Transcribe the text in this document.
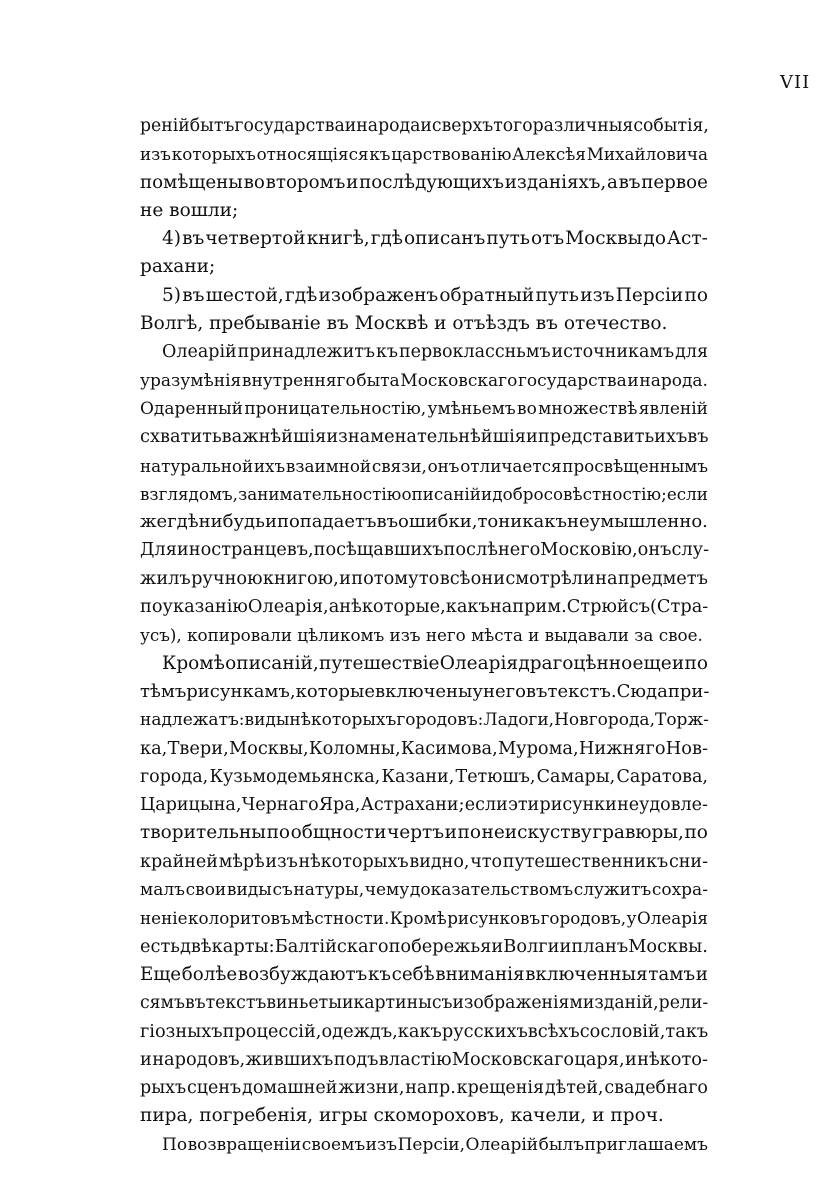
VII
реній бытъ государства и народа и сверхъ того различныя событія,
изъ которыхъ относящіяся къ царствованію Алексѣя Михайловича
помѣщены во второмъ и послѣдующихъ изданіяхъ, а въ первое
не вошли;
4) въ четвертой книгѣ, гдѣ описанъ путь отъ Москвы до Аст-
рахани;
5) въ шестой, гдѣ изображенъ обратный путь изъ Персіи по
Волгѣ, пребываніе въ Москвѣ и отъѣздъ въ отечество.
Олеарій принадлежитъ къ первоклассньмъ источникамъ для
уразумѣнія внутренняго быта Московскаго государства и народа.
Одаренный проницательностію, умѣньемъ во множествѣ явленій
схватить важнѣйшія и знаменательнѣйшія и представить ихъ въ
натуральной ихъ взаимной связи, онъ отличается просвѣщеннымъ
взглядомъ, занимательностію описаній и добросовѣстностію; если
же гдѣ нибудь и попадаетъ въ ошибки, то никакъ неумышленно.
Для иностранцевъ, посѣщавшихъ послѣ него Московію, онъ слу-
жилъ ручною книгою, и потому то всѣ они смотрѣли на предметъ
по указанію Олеарія, а нѣкоторые, какъ наприм. Стрюйсъ (Стра-
усъ), копировали цѣликомъ изъ него мѣста и выдавали за свое.
Кромѣ описаній, путешествіе Олеарія драгоцѣнно еще и по
тѣмъ рисункамъ, которые включены у него въ текстъ. Сюда при-
надлежатъ: виды нѣкоторыхъ городовъ: Ладоги, Новгорода, Торж-
ка, Твери, Москвы, Коломны, Касимова, Мурома, Нижняго Нов-
города, Кузьмодемьянска, Казани, Тетюшъ, Самары, Саратова,
Царицына, Чернаго Яра, Астрахани; если эти рисунки неудовле-
творительны по общности чертъ и по неискуству гравюры, по
крайней мѣрѣ изъ нѣкоторыхъ видно, что путешественникъ сни-
малъ свои виды съ натуры, чему доказательствомъ служитъ сохра-
неніе колоритовъ мѣстности. Кромѣ рисунковъ городовъ, у Олеарія
есть двѣ карты: Балтійскаго побережья и Волги и планъ Москвы.
Еще болѣе возбуждаютъ къ себѣ вниманія включенныя тамъ и
сямъ въ текстъ виньеты и картины съ изображеніями зданій, рели-
гіозныхъ процессій, одеждъ, какъ русскихъ всѣхъ сословій, такъ
и народовъ, жившихъ подъ властію Московскаго царя, и нѣкото-
рыхъ сценъ домашней жизни, напр. крещенія дѣтей, свадебнаго
пира, погребенія, игры скомороховъ, качели, и проч.
По возвращеніи своемъ изъ Персіи, Олеарій былъ приглашаемъ
